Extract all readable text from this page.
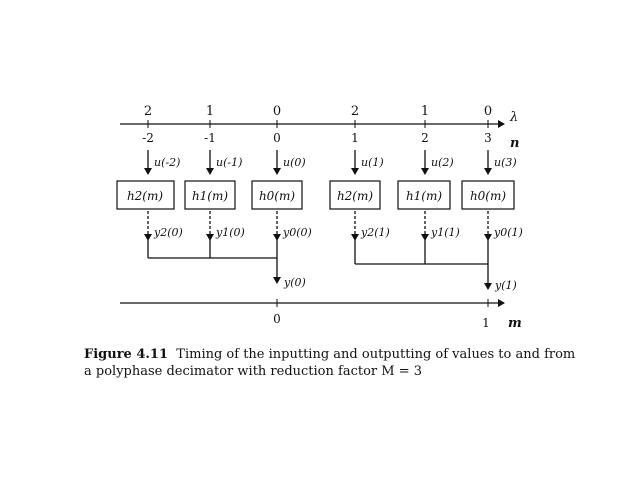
2	1	0	2	1	0 λ
-2	-1	0	1	2	3 n
u(-2)	u(-1)	u(0)	u(1)	u(2)	u(3)
h2(m) h1(m)	h0(m)	h2(m)	h1(m) h0(m)
y2(0)	y1(0)	y0(0)	y2(1)	y1(1)	y0(1)
y(0)	y(1)
0	1 m
Figure 4.11 Timing of the inputting and outputting of values to and from a polyphase decimator with reduction factor M = 3
